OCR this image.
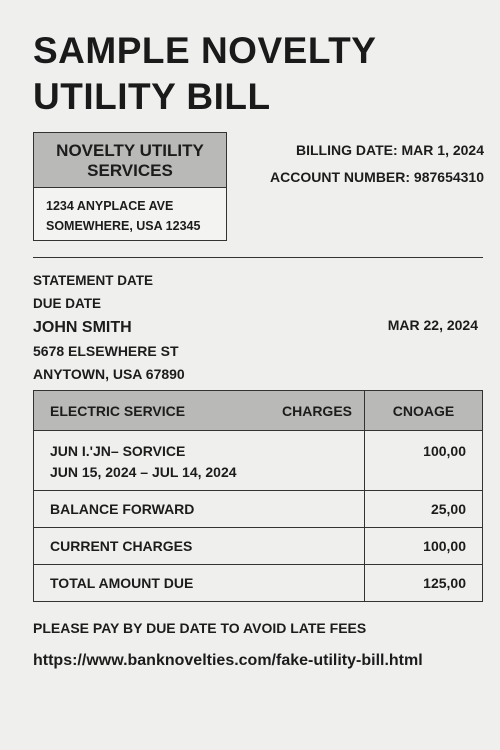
SAMPLE NOVELTY
UTILITY BILL
NOVELTY UTILITY
SERVICES
1234 ANYPLACE AVE
SOMEWHERE, USA 12345
BILLING DATE: MAR 1, 2024
ACCOUNT NUMBER: 987654310
STATEMENT DATE
DUE DATE
JOHN SMITH
5678 ELSEWHERE ST
ANYTOWN, USA 67890
MAR 22, 2024
ELECTRIC SERVICE CHARGES	CNOAGE

JUN I.'JN– SORVICE
JUN 15, 2024 – JUL 14, 2024	100,00
BALANCE FORWARD	25,00
CURRENT CHARGES	100,00
TOTAL AMOUNT DUE	125,00
PLEASE PAY BY DUE DATE TO AVOID LATE FEES
https://www.banknovelties.com/fake-utility-bill.html
